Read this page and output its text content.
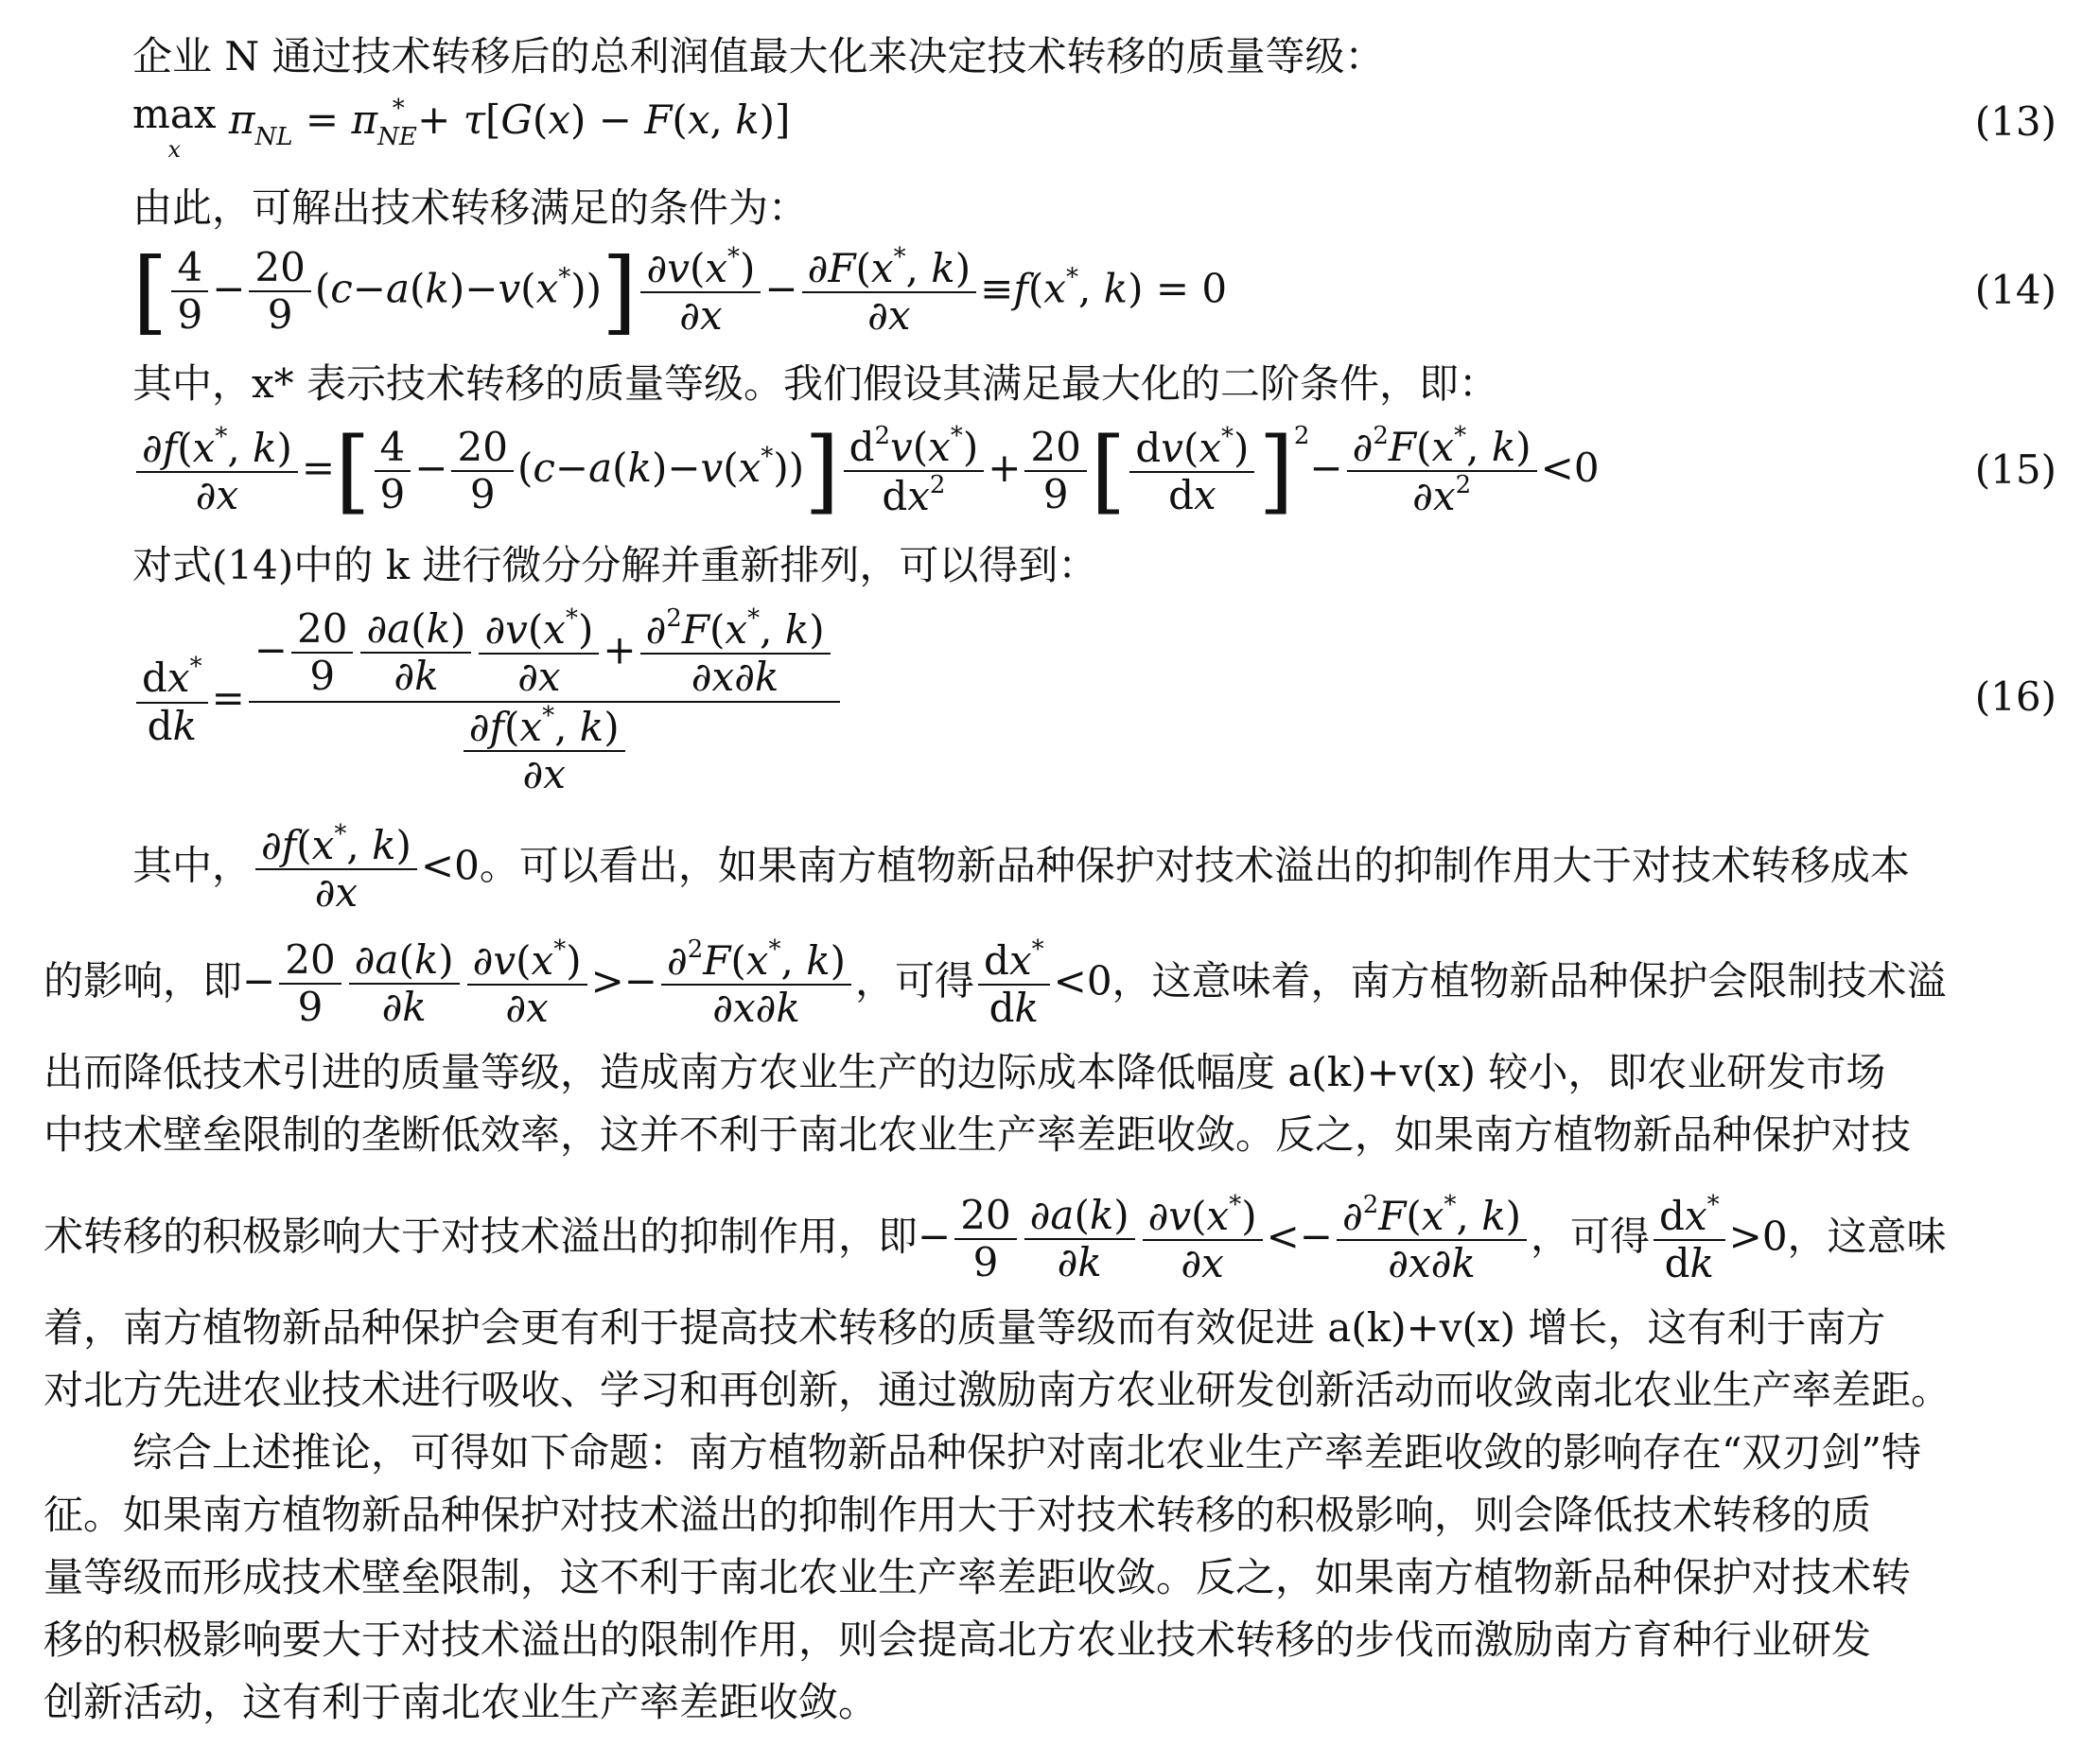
企业 N 通过技术转移后的总利润值最大化来决定技术转移的质量等级：
max
x
$\pi_{NL} = \pi_{NE}^* + \tau[G(x) - F(x$, k)]	(13)
由此，可解出技术转移满足的条件为：
[ $\frac{4}{9} - \frac{20}{9} (c-a(k)-v(x^*))] \frac{\partial v(x^*)}{\partial x} - \frac{\partial F(x^*, k)}{\partial x} \equiv f(x^*$, k) = 0	(14)
其中，x* 表示技术转移的质量等级。我们假设其满足最大化的二阶条件，即：
$\frac{\partial f(x^*, k)}{\partial x}$ =[ $\frac{4}{9} - \frac{20}{9} (c-a(k)-v(x^*))] \frac{d^2v(x^*)}{dx^2} + \frac{20}{9}$ [ $\frac{dv(x^*)}{dx} ]^2- \frac{\partial^2F(x^*, k)}{\partial x^2} <0$	(15)
对式(14)中的 k 进行微分分解并重新排列，可以得到：
$\frac{dx^*}{dk} = \frac{- \frac{20}{9} \frac{\partial a(k)}{\partial k} \frac{\partial v(x^*)}{\partial x} + \frac{\partial^2F(x^*, k)}{\partial x\partial k}}{\frac{\partial f(x^*, k)}{\partial x}}$	(16)
其中， $\frac{\partial f(x^*, k)}{\partial x} <0$。可以看出，如果南方植物新品种保护对技术溢出的抑制作用大于对技术转移成本
的影响，即− $\frac{20}{9} \frac{\partial a(k)}{\partial k} \frac{\partial v(x^*)}{\partial x} >- \frac{\partial^2F(x^*, k)}{\partial x\partial k}$ ，可得 $\frac{dx^*}{dk} <0$，这意味着，南方植物新品种保护会限制技术溢
出而降低技术引进的质量等级，造成南方农业生产的边际成本降低幅度 a(k)+v(x) 较小，即农业研发市场
中技术壁垒限制的垄断低效率，这并不利于南北农业生产率差距收敛。反之，如果南方植物新品种保护对技
术转移的积极影响大于对技术溢出的抑制作用，即− $\frac{20}{9} \frac{\partial a(k)}{\partial k} \frac{\partial v(x^*)}{\partial x} <- \frac{\partial^2F(x^*, k)}{\partial x\partial k}$ ，可得 $\frac{dx^*}{dk} >0$，这意味
着，南方植物新品种保护会更有利于提高技术转移的质量等级而有效促进 a(k)+v(x) 增长，这有利于南方
对北方先进农业技术进行吸收、学习和再创新，通过激励南方农业研发创新活动而收敛南北农业生产率差距。
综合上述推论，可得如下命题：南方植物新品种保护对南北农业生产率差距收敛的影响存在“双刃剑”特
征。如果南方植物新品种保护对技术溢出的抑制作用大于对技术转移的积极影响，则会降低技术转移的质
量等级而形成技术壁垒限制，这不利于南北农业生产率差距收敛。反之，如果南方植物新品种保护对技术转
移的积极影响要大于对技术溢出的限制作用，则会提高北方农业技术转移的步伐而激励南方育种行业研发
创新活动，这有利于南北农业生产率差距收敛。
